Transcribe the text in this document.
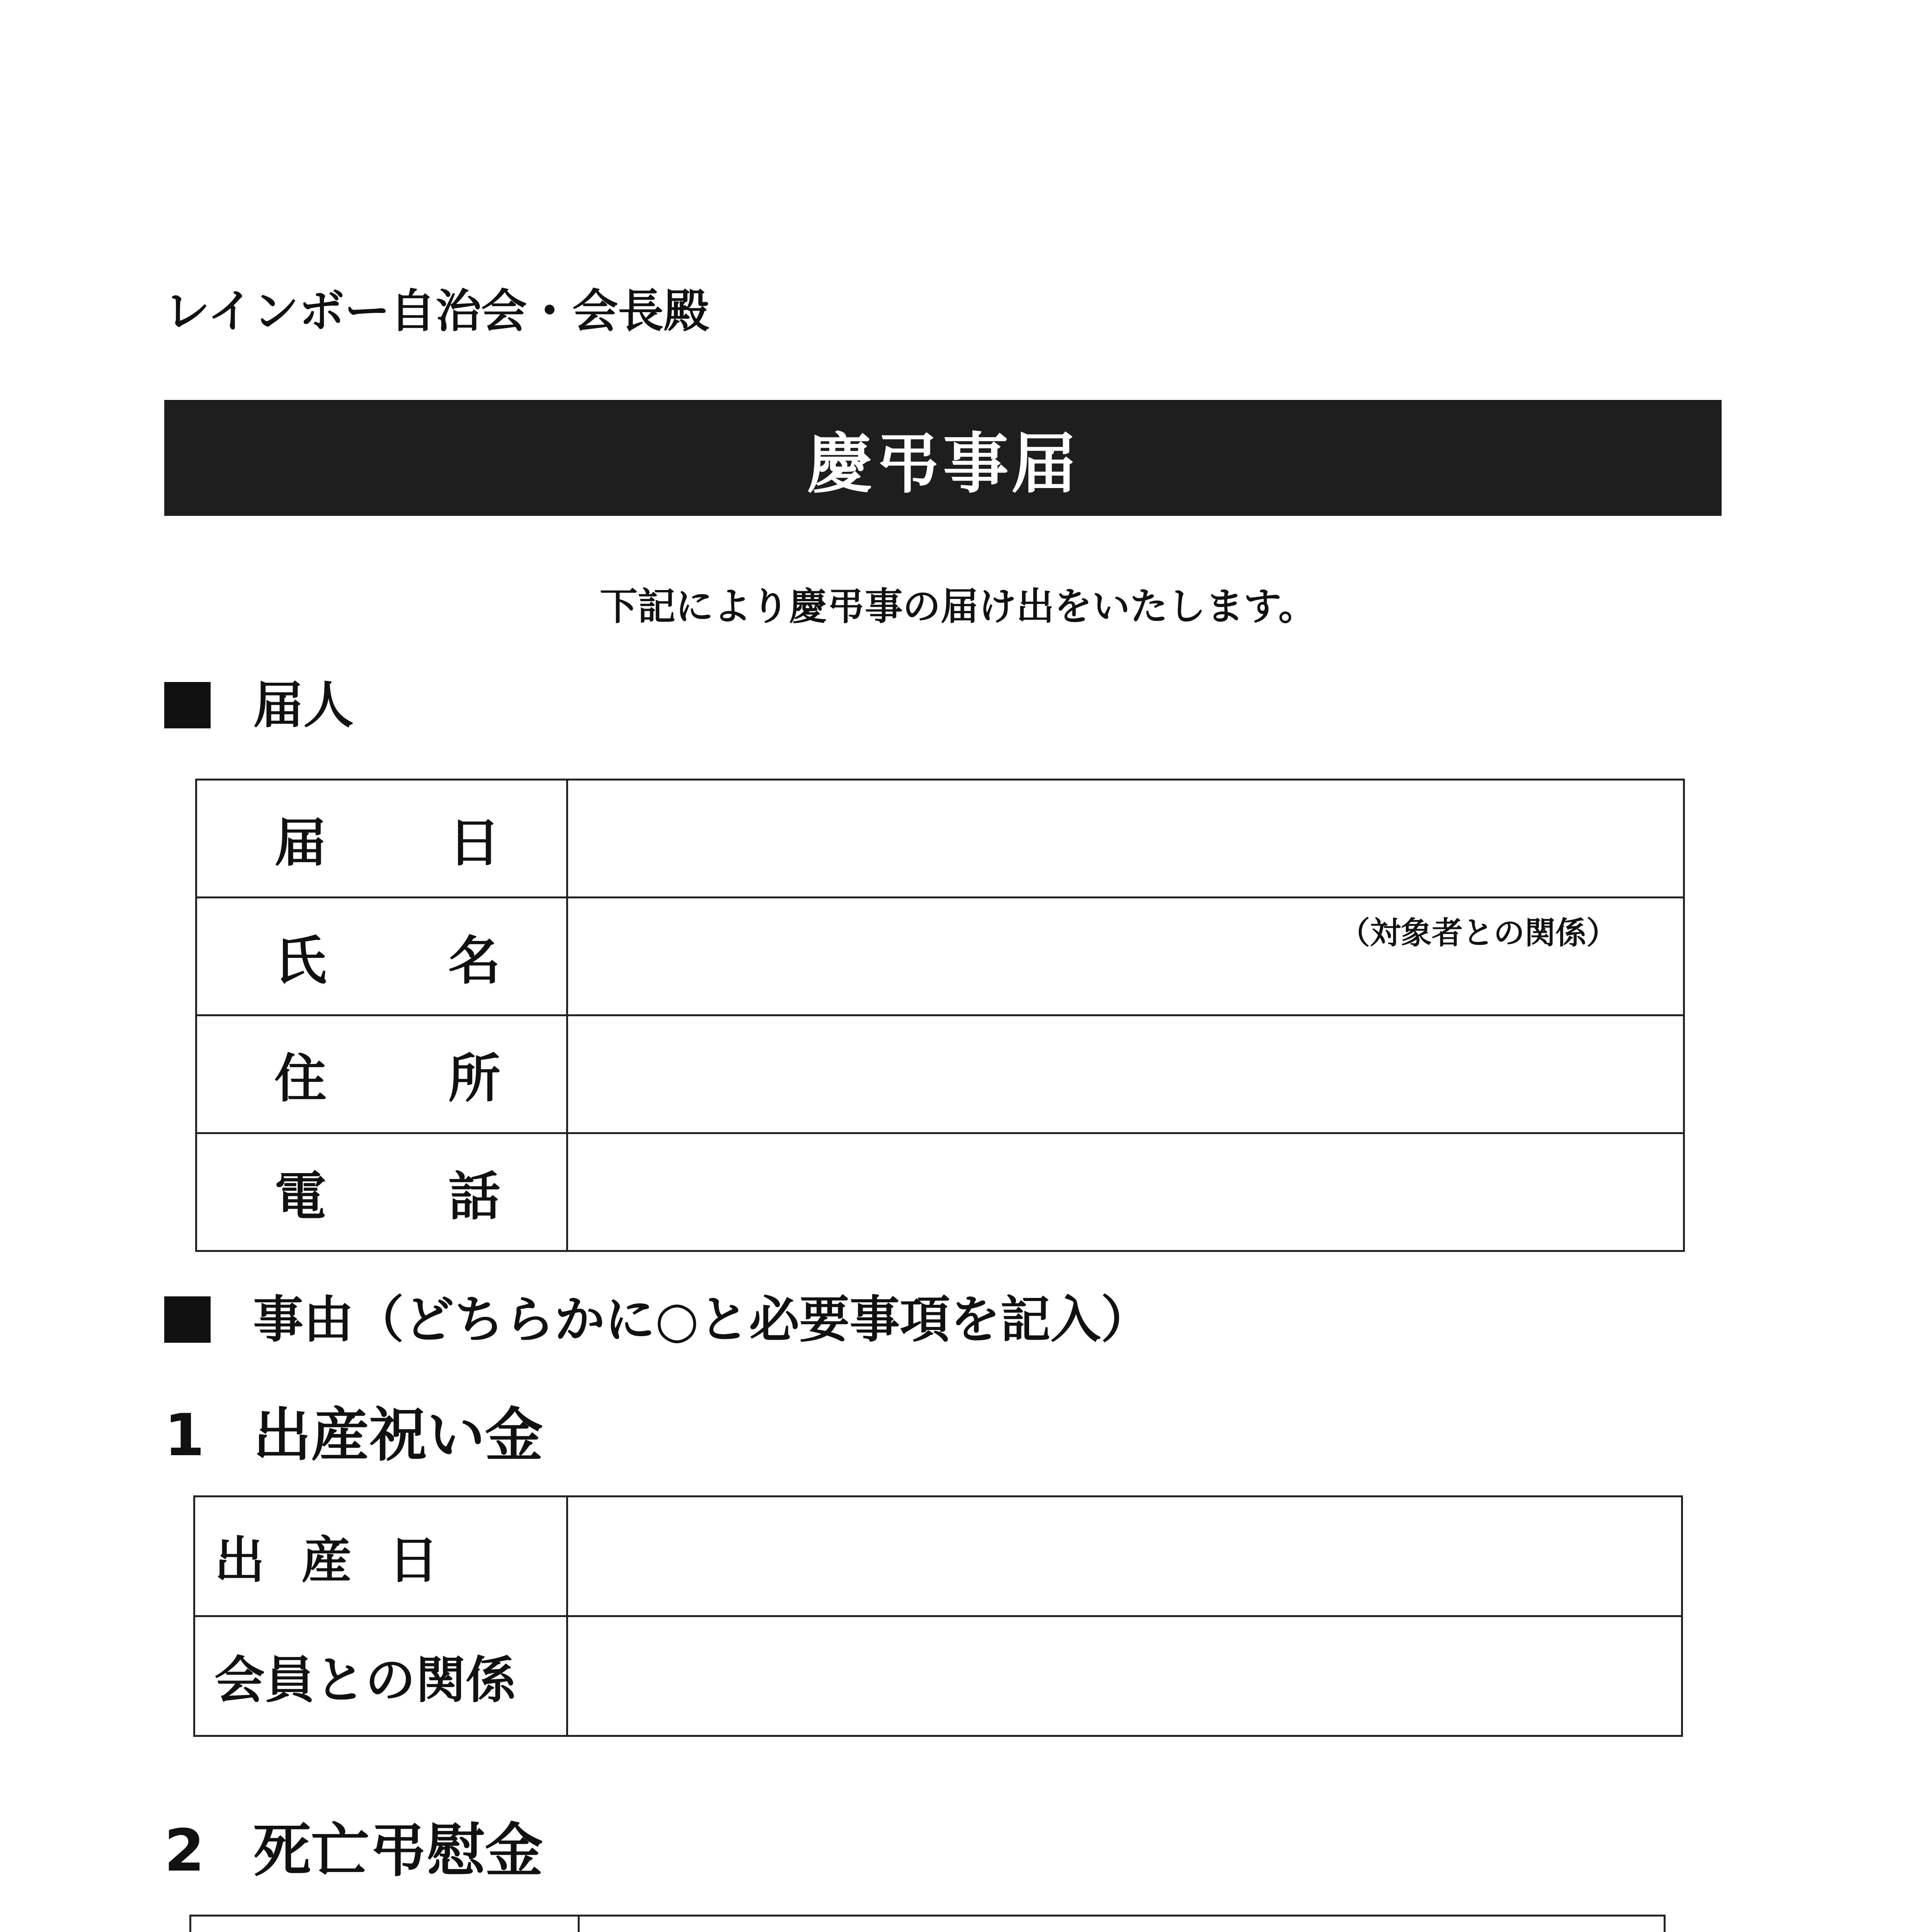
レインボー自治会・会長殿
慶弔事届
下記により慶弔事の届け出をいたします。
届人
届 日	

氏 名	（対象者との関係）

住 所	

電 話	

事由（どちらかに○と必要事項を記入）
1 出産祝い金
出産日	

会員との関係	

2 死亡弔慰金
